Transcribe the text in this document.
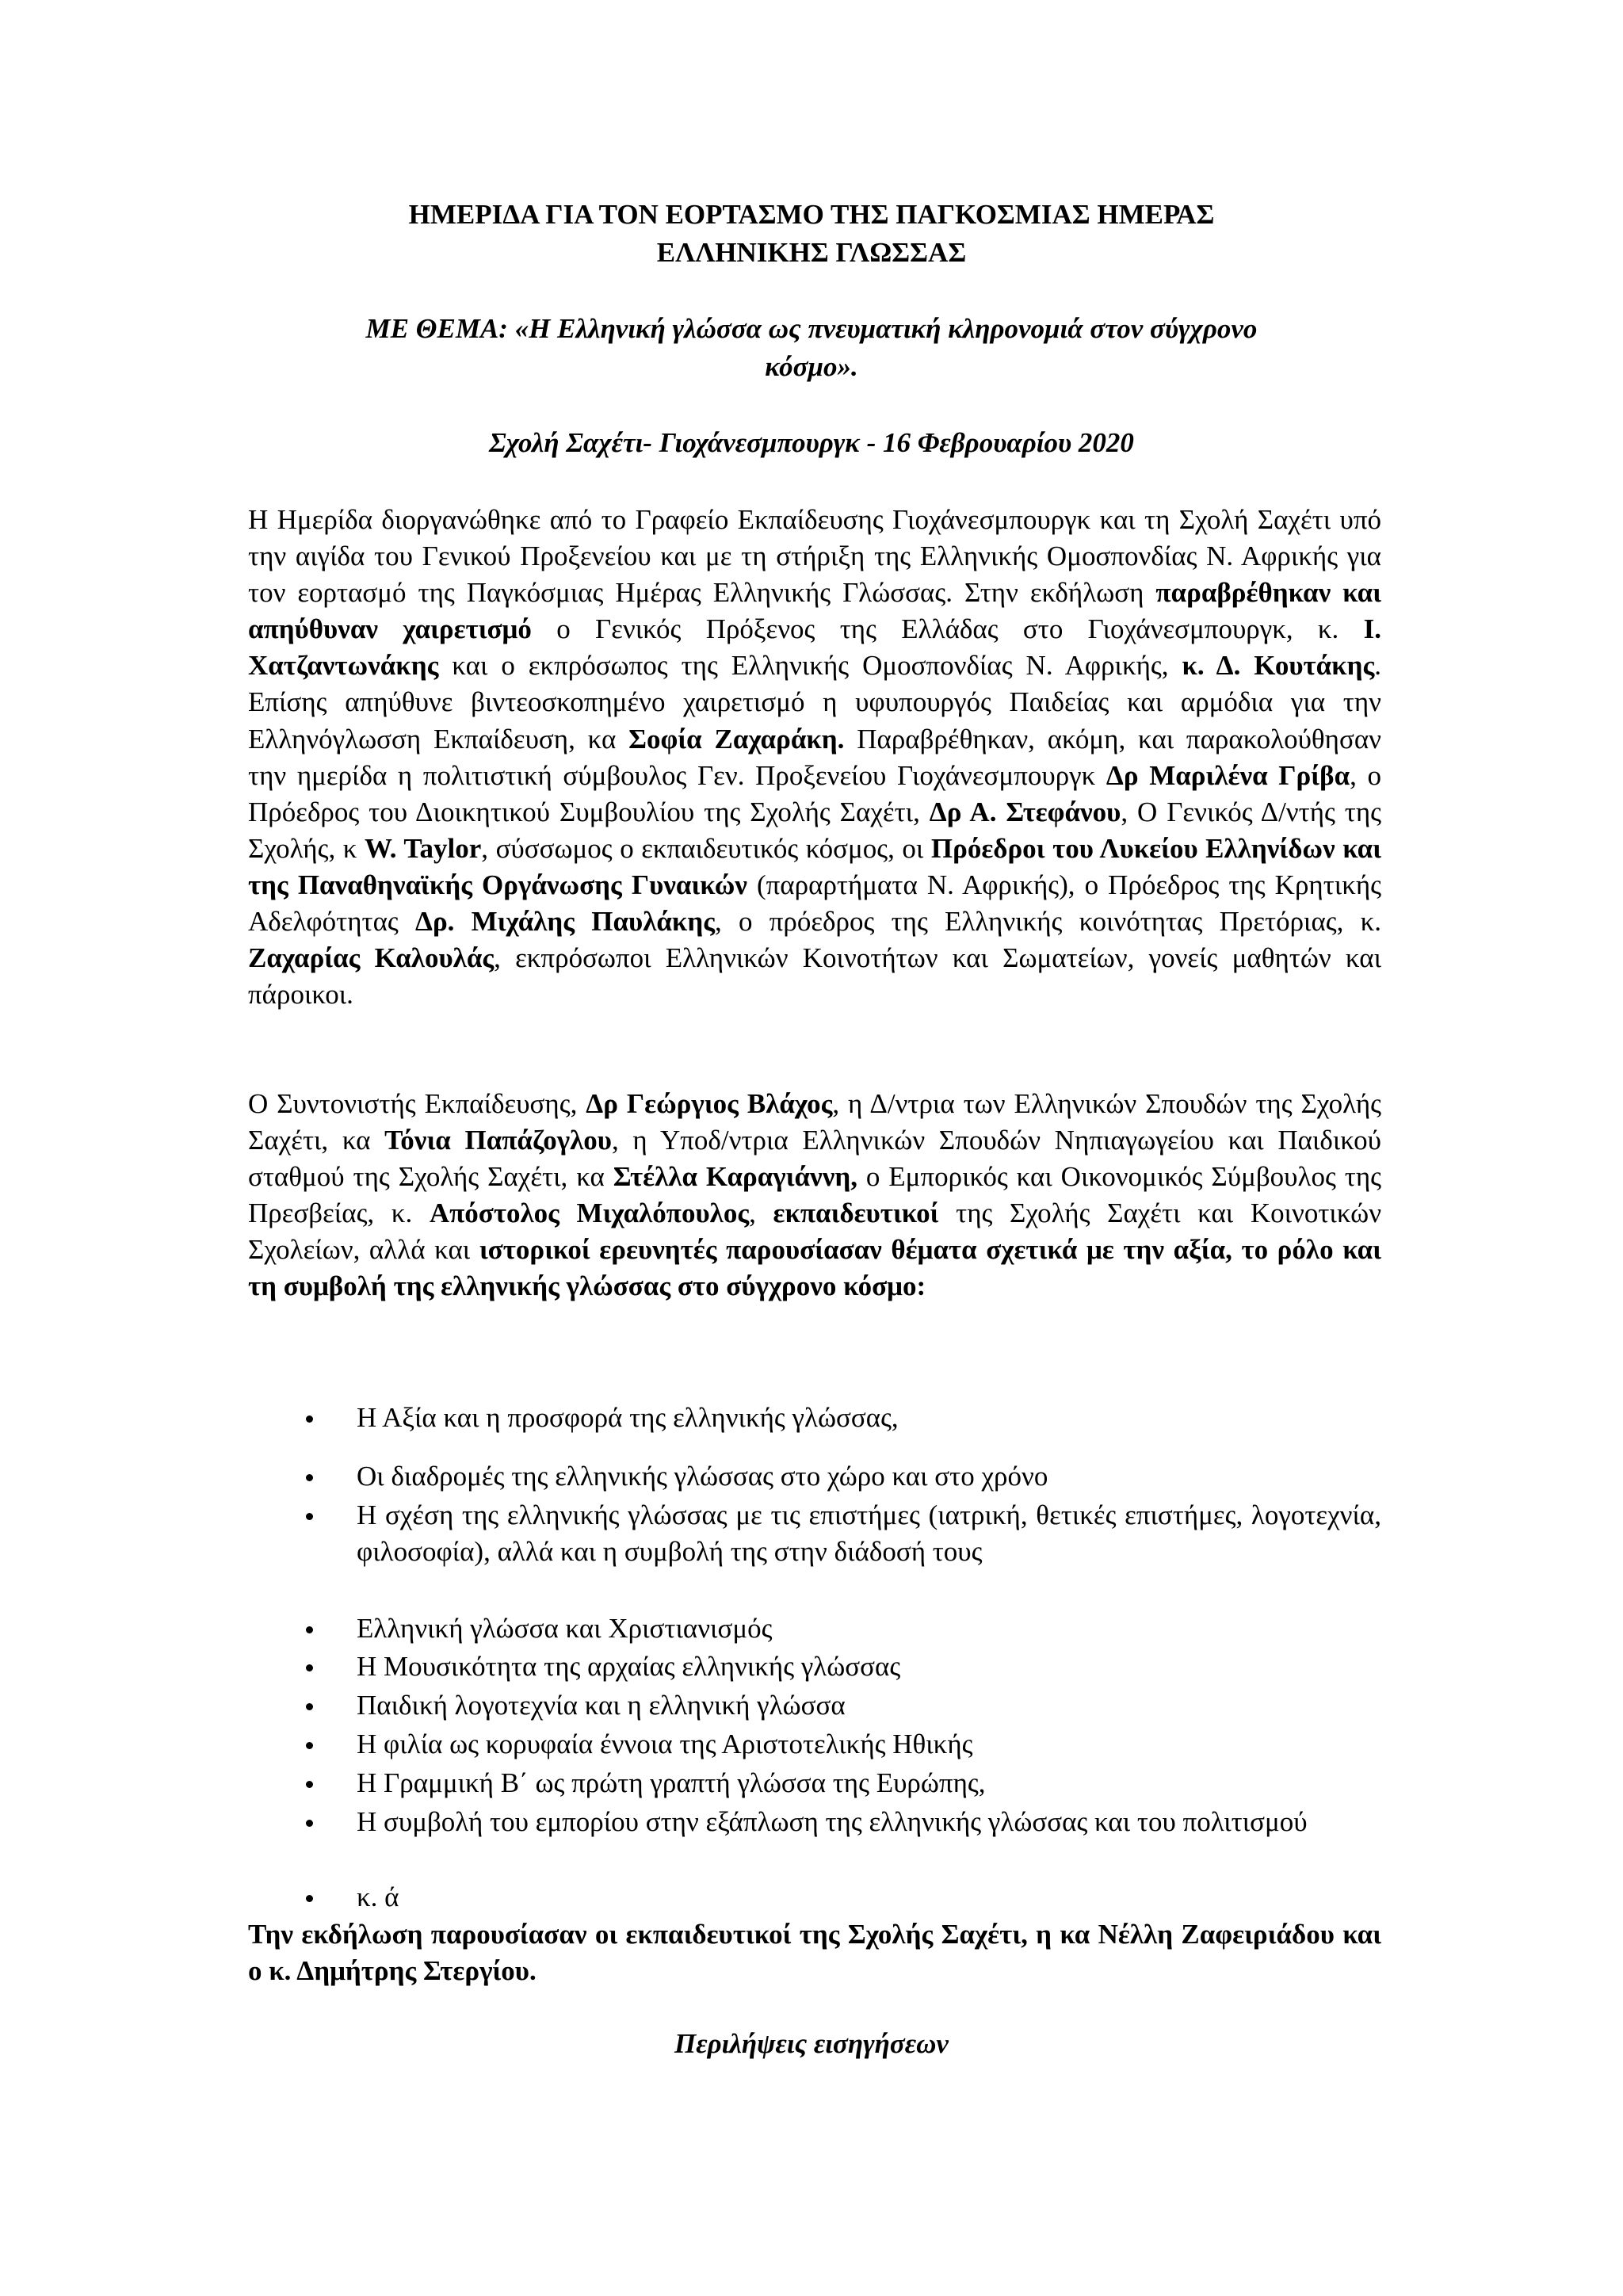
ΗΜΕΡΙΔΑ ΓΙΑ ΤΟΝ ΕΟΡΤΑΣΜΟ ΤΗΣ ΠΑΓΚΟΣΜΙΑΣ ΗΜΕΡΑΣ

ΕΛΛΗΝΙΚΗΣ ΓΛΩΣΣΑΣ

ΜΕ ΘΕΜΑ: «Η Ελληνική γλώσσα ως πνευματική κληρονομιά στον σύγχρονο

κόσμο».

Σχολή Σαχέτι- Γιοχάνεσμπουργκ - 16 Φεβρουαρίου 2020

Η Ημερίδα διοργανώθηκε από το Γραφείο Εκπαίδευσης Γιοχάνεσμπουργκ και τη Σχολή Σαχέτι υπό την αιγίδα του Γενικού Προξενείου και με τη στήριξη της Ελληνικής Ομοσπονδίας Ν. Αφρικής για τον εορτασμό της Παγκόσμιας Ημέρας Ελληνικής Γλώσσας. Στην εκδήλωση παραβρέθηκαν και απηύθυναν χαιρετισμό ο Γενικός Πρόξενος της Ελλάδας στο Γιοχάνεσμπουργκ, κ. Ι. Χατζαντωνάκης και ο εκπρόσωπος της Ελληνικής Ομοσπονδίας Ν. Αφρικής, κ. Δ. Κουτάκης. Επίσης απηύθυνε βιντεοσκοπημένο χαιρετισμό η υφυπουργός Παιδείας και αρμόδια για την Ελληνόγλωσση Εκπαίδευση, κα Σοφία Ζαχαράκη. Παραβρέθηκαν, ακόμη, και παρακολούθησαν την ημερίδα η πολιτιστική σύμβουλος Γεν. Προξενείου Γιοχάνεσμπουργκ Δρ Μαριλένα Γρίβα, ο Πρόεδρος του Διοικητικού Συμβουλίου της Σχολής Σαχέτι, Δρ Α. Στεφάνου, Ο Γενικός Δ/ντής της Σχολής, κ W. Taylor, σύσσωμος ο εκπαιδευτικός κόσμος, οι Πρόεδροι του Λυκείου Ελληνίδων και της Παναθηναϊκής Οργάνωσης Γυναικών (παραρτήματα Ν. Αφρικής), ο Πρόεδρος της Κρητικής Αδελφότητας Δρ. Μιχάλης Παυλάκης, ο πρόεδρος της Ελληνικής κοινότητας Πρετόριας, κ. Ζαχαρίας Καλουλάς, εκπρόσωποι Ελληνικών Κοινοτήτων και Σωματείων, γονείς μαθητών και πάροικοι.

Ο Συντονιστής Εκπαίδευσης, Δρ Γεώργιος Βλάχος, η Δ/ντρια των Ελληνικών Σπουδών της Σχολής Σαχέτι, κα Τόνια Παπάζογλου, η Υποδ/ντρια Ελληνικών Σπουδών Νηπιαγωγείου και Παιδικού σταθμού της Σχολής Σαχέτι, κα Στέλλα Καραγιάννη, ο Εμπορικός και Οικονομικός Σύμβουλος της Πρεσβείας, κ. Απόστολος Μιχαλόπουλος, εκπαιδευτικοί της Σχολής Σαχέτι και Κοινοτικών Σχολείων, αλλά και ιστορικοί ερευνητές παρουσίασαν θέματα σχετικά με την αξία, το ρόλο και τη συμβολή της ελληνικής γλώσσας στο σύγχρονο κόσμο:

Η Αξία και η προσφορά της ελληνικής γλώσσας,
Οι διαδρομές της ελληνικής γλώσσας στο χώρο και στο χρόνο
Η σχέση της ελληνικής γλώσσας με τις επιστήμες (ιατρική, θετικές επιστήμες, λογοτεχνία, φιλοσοφία), αλλά και η συμβολή της στην διάδοσή τους
Ελληνική γλώσσα και Χριστιανισμός
Η Μουσικότητα της αρχαίας ελληνικής γλώσσας
Παιδική λογοτεχνία και η ελληνική γλώσσα
Η φιλία ως κορυφαία έννοια της Αριστοτελικής Ηθικής
Η Γραμμική Β΄ ως πρώτη γραπτή γλώσσα της Ευρώπης,
Η συμβολή του εμπορίου στην εξάπλωση της ελληνικής γλώσσας και του πολιτισμού
κ. ά

Την εκδήλωση παρουσίασαν οι εκπαιδευτικοί της Σχολής Σαχέτι, η κα Νέλλη Ζαφειριάδου και ο κ. Δημήτρης Στεργίου.

Περιλήψεις εισηγήσεων
